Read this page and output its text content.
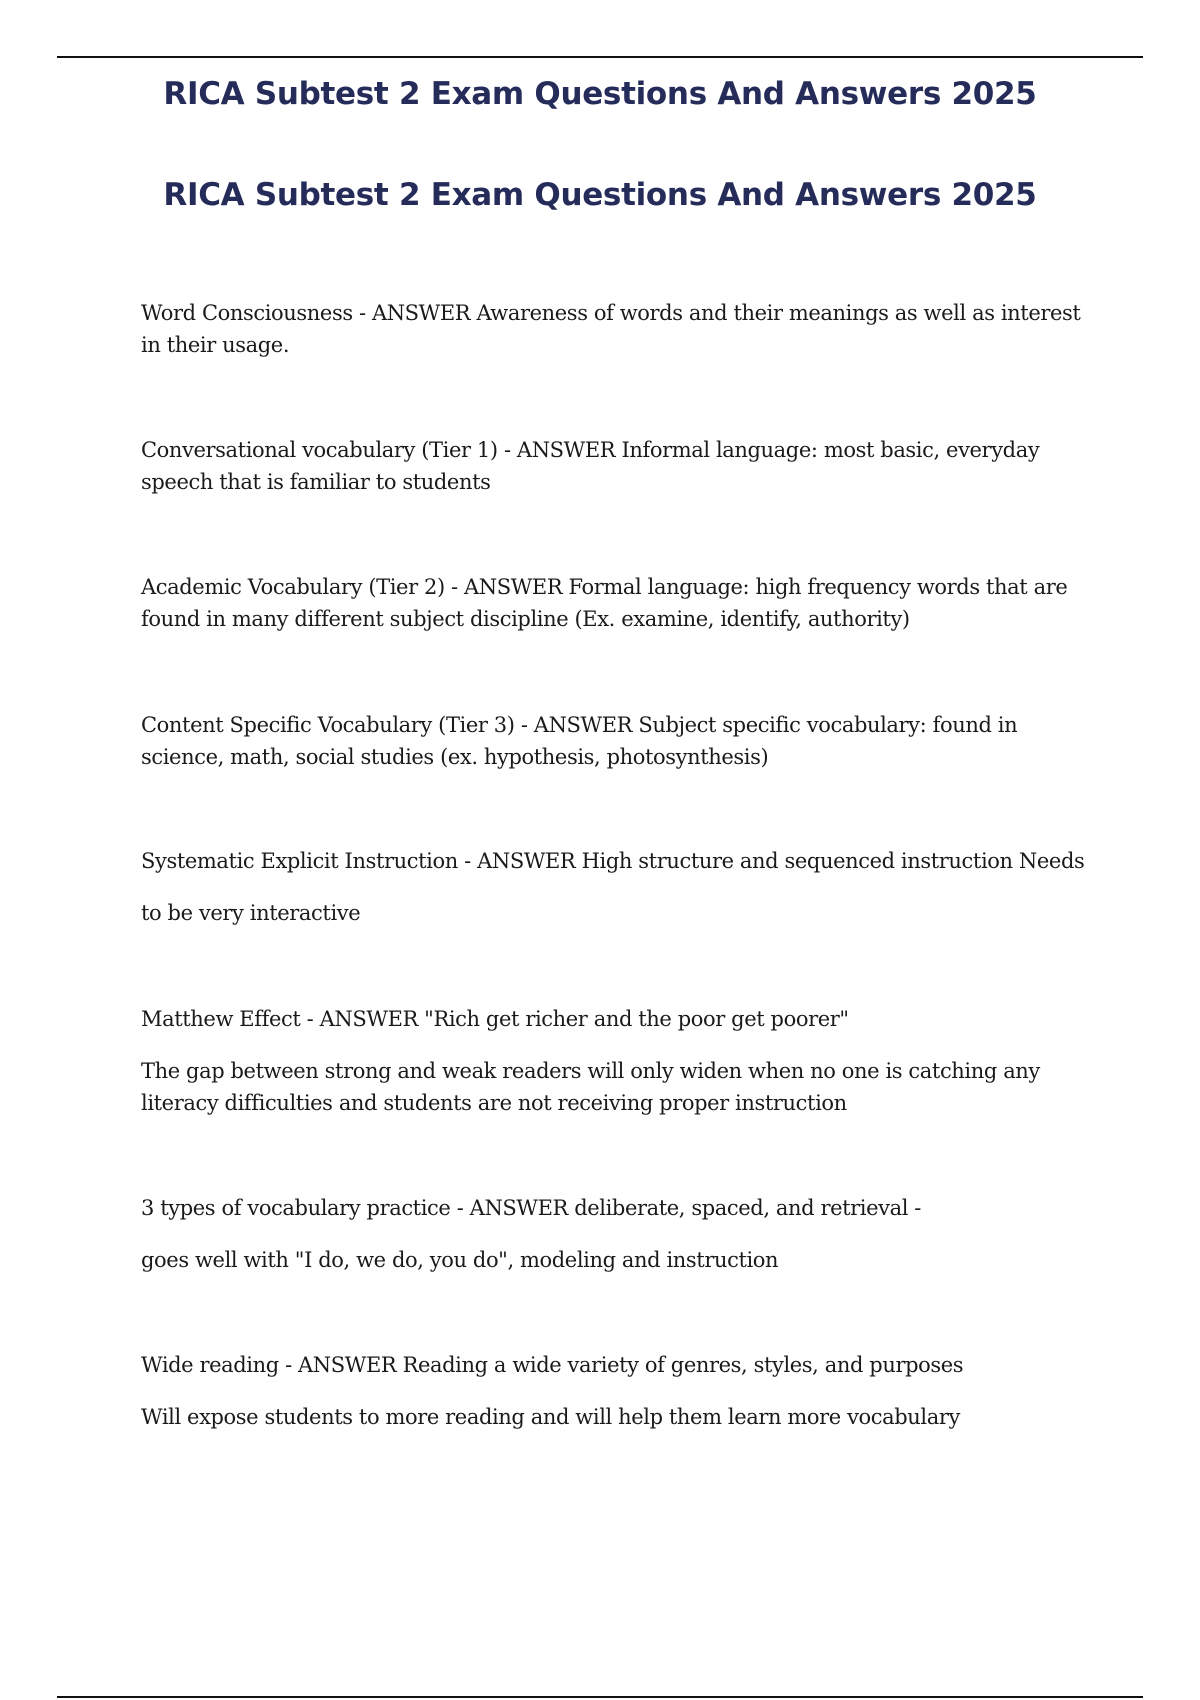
RICA Subtest 2 Exam Questions And Answers 2025
RICA Subtest 2 Exam Questions And Answers 2025

Word Consciousness - ANSWER Awareness of words and their meanings as well as interest in their usage.

Conversational vocabulary (Tier 1) - ANSWER Informal language: most basic, everyday speech that is familiar to students

Academic Vocabulary (Tier 2) - ANSWER Formal language: high frequency words that are found in many different subject discipline (Ex. examine, identify, authority)

Content Specific Vocabulary (Tier 3) - ANSWER Subject specific vocabulary: found in science, math, social studies (ex. hypothesis, photosynthesis)

Systematic Explicit Instruction - ANSWER High structure and sequenced instruction Needs

to be very interactive

Matthew Effect - ANSWER "Rich get richer and the poor get poorer"

The gap between strong and weak readers will only widen when no one is catching any literacy difficulties and students are not receiving proper instruction

3 types of vocabulary practice - ANSWER deliberate, spaced, and retrieval -

goes well with "I do, we do, you do", modeling and instruction

Wide reading - ANSWER Reading a wide variety of genres, styles, and purposes

Will expose students to more reading and will help them learn more vocabulary
